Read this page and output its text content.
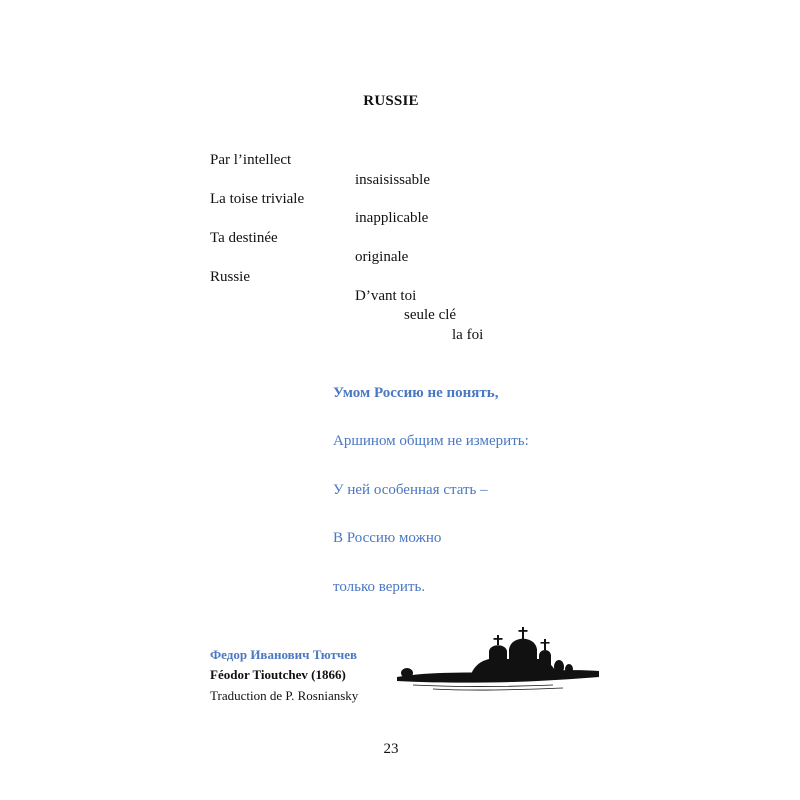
RUSSIE
Par l’intellect
insaisissable
La toise triviale
inapplicable
Ta destinée
originale
Russie
D’vant toi
seule clé
la foi
Умом Россию не понять,
Аршином общим не измерить:
У ней особенная стать –
В Россию можно
только верить.
Федор Иванович Тютчев
Féodor Tioutchev (1866)
Traduction de P. Rosniansky
23
